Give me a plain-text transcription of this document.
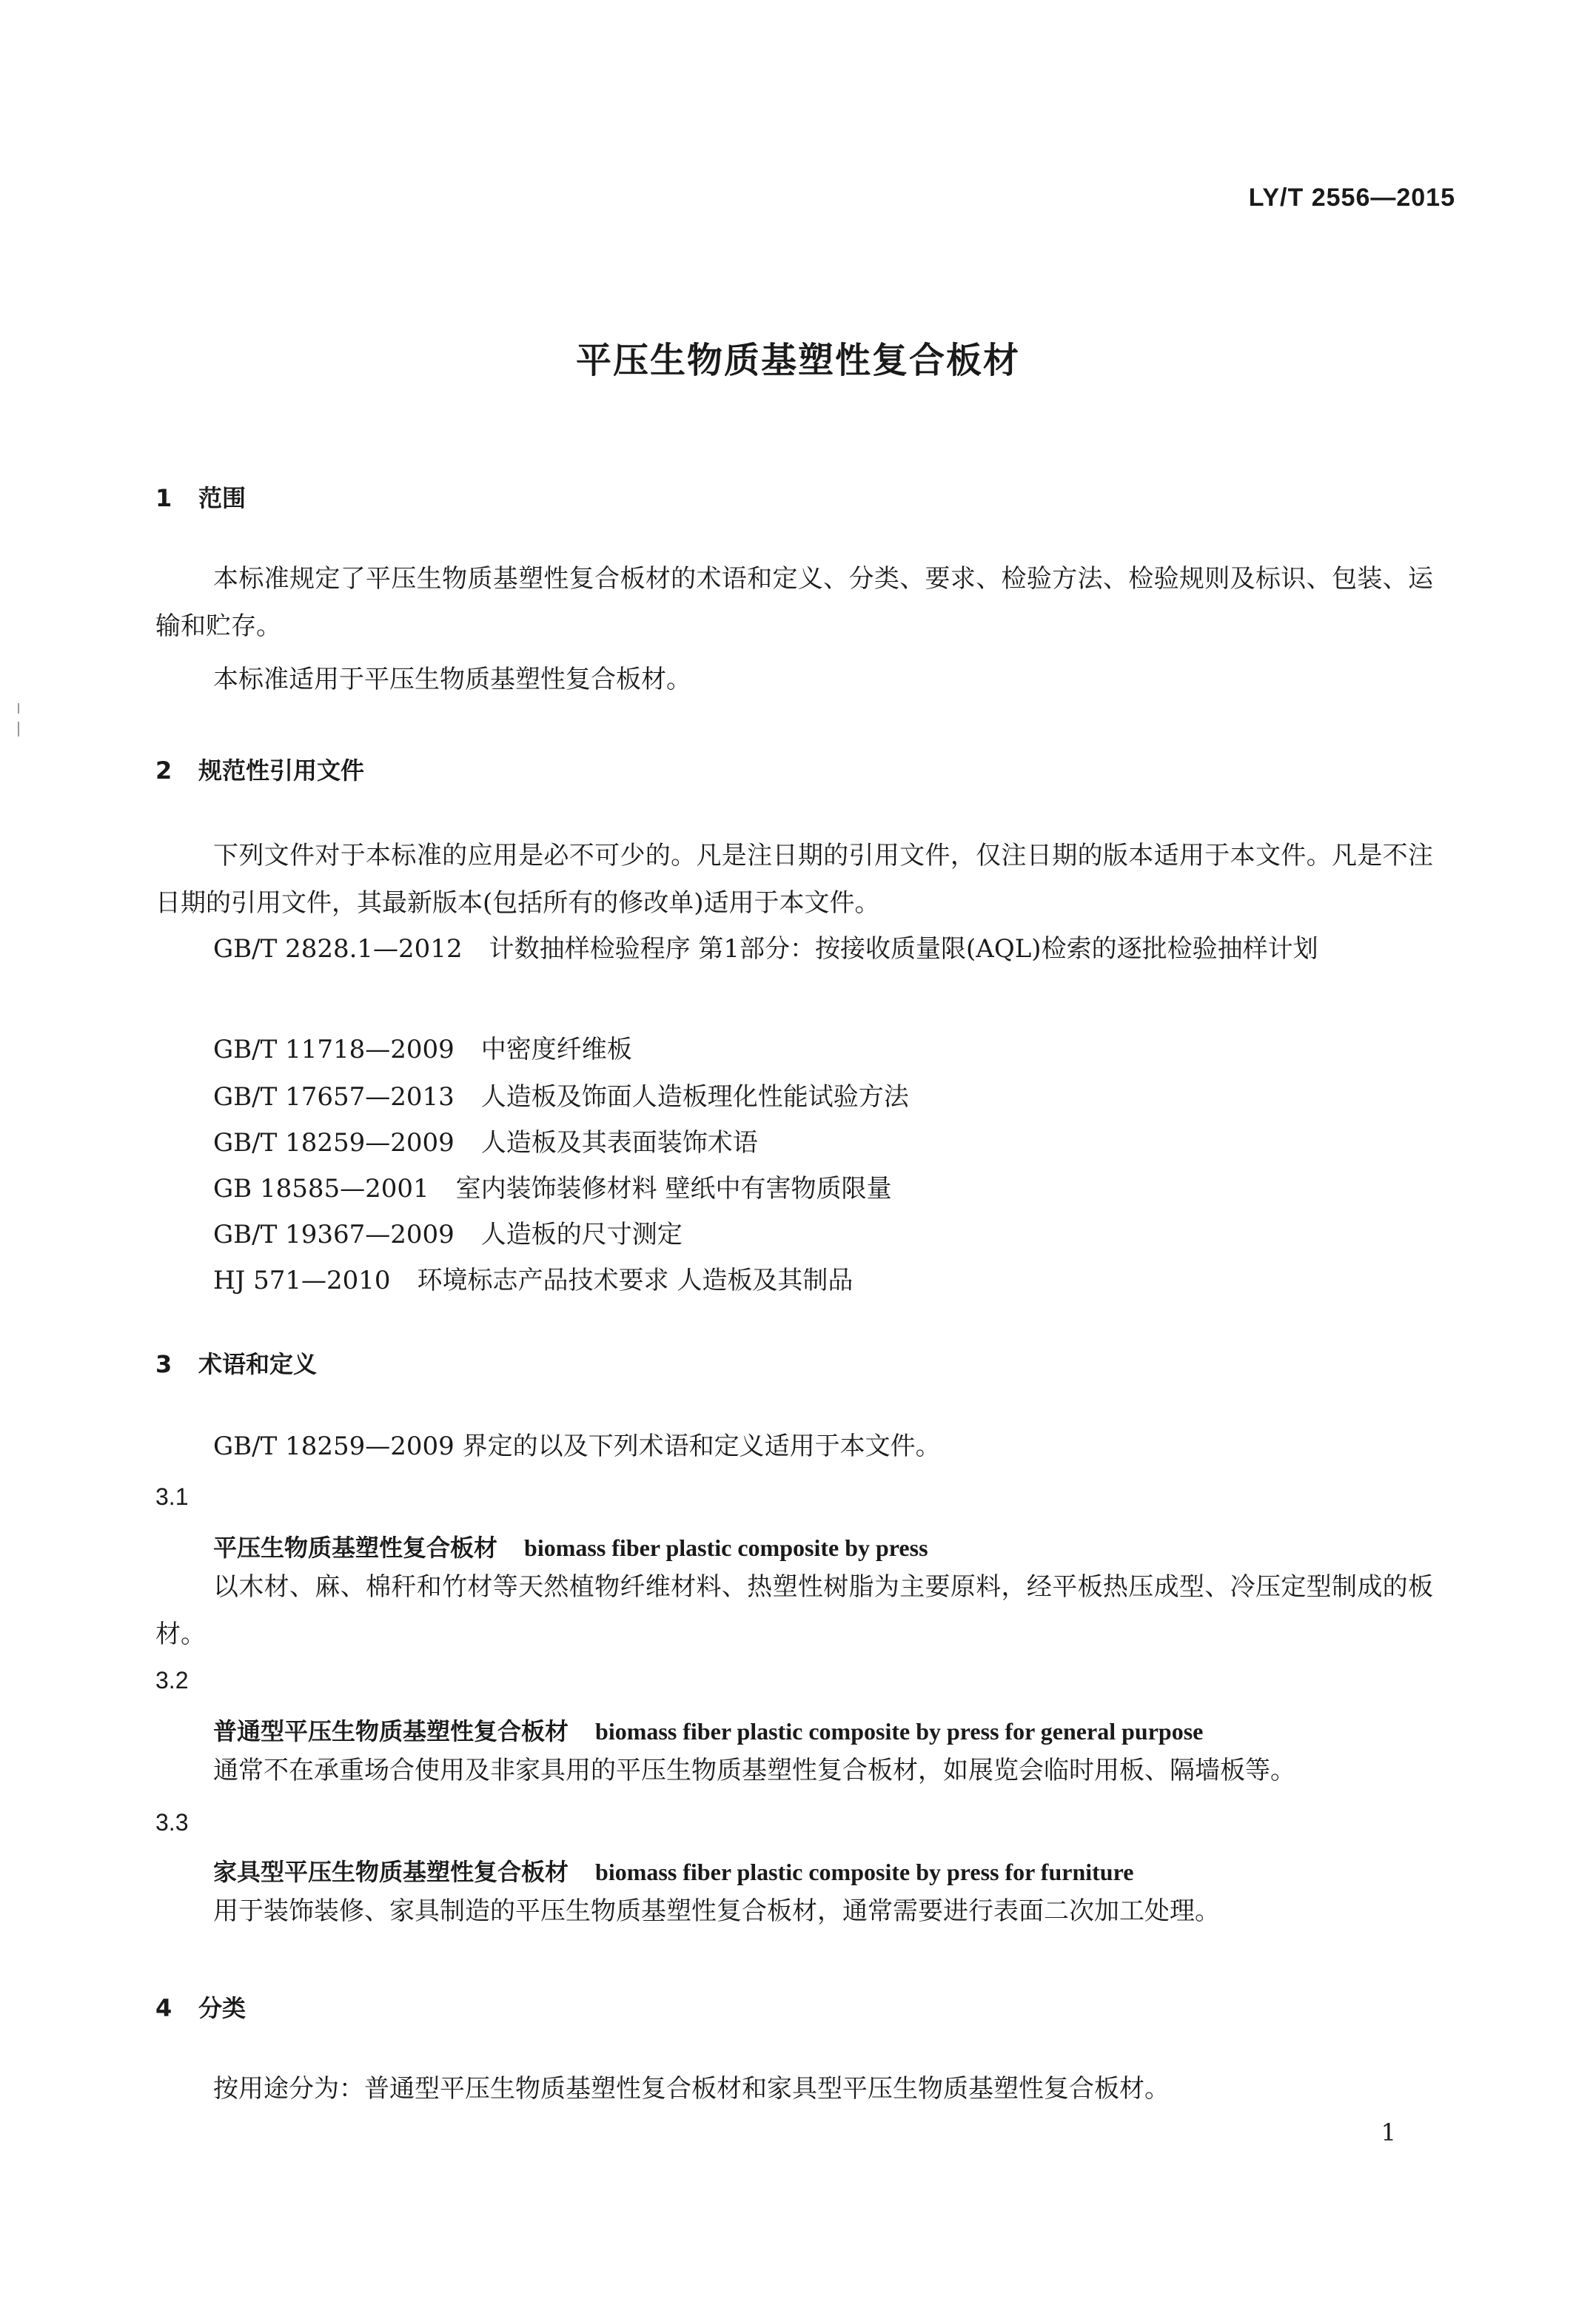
LY/T 2556—2015
平压生物质基塑性复合板材
1 范围
本标准规定了平压生物质基塑性复合板材的术语和定义、分类、要求、检验方法、检验规则及标识、包装、运输和贮存。
本标准适用于平压生物质基塑性复合板材。
2 规范性引用文件
下列文件对于本标准的应用是必不可少的。凡是注日期的引用文件，仅注日期的版本适用于本文件。凡是不注日期的引用文件，其最新版本(包括所有的修改单)适用于本文件。
GB/T 2828.1—2012 计数抽样检验程序 第1部分：按接收质量限(AQL)检索的逐批检验抽样计划
GB/T 11718—2009 中密度纤维板
GB/T 17657—2013 人造板及饰面人造板理化性能试验方法
GB/T 18259—2009 人造板及其表面装饰术语
GB 18585—2001 室内装饰装修材料 壁纸中有害物质限量
GB/T 19367—2009 人造板的尺寸测定
HJ 571—2010 环境标志产品技术要求 人造板及其制品
3 术语和定义
GB/T 18259—2009 界定的以及下列术语和定义适用于本文件。
3.1
平压生物质基塑性复合板材 biomass fiber plastic composite by press
以木材、麻、棉秆和竹材等天然植物纤维材料、热塑性树脂为主要原料，经平板热压成型、冷压定型制成的板材。
3.2
普通型平压生物质基塑性复合板材 biomass fiber plastic composite by press for general purpose
通常不在承重场合使用及非家具用的平压生物质基塑性复合板材，如展览会临时用板、隔墙板等。
3.3
家具型平压生物质基塑性复合板材 biomass fiber plastic composite by press for furniture
用于装饰装修、家具制造的平压生物质基塑性复合板材，通常需要进行表面二次加工处理。
4 分类
按用途分为：普通型平压生物质基塑性复合板材和家具型平压生物质基塑性复合板材。
1
